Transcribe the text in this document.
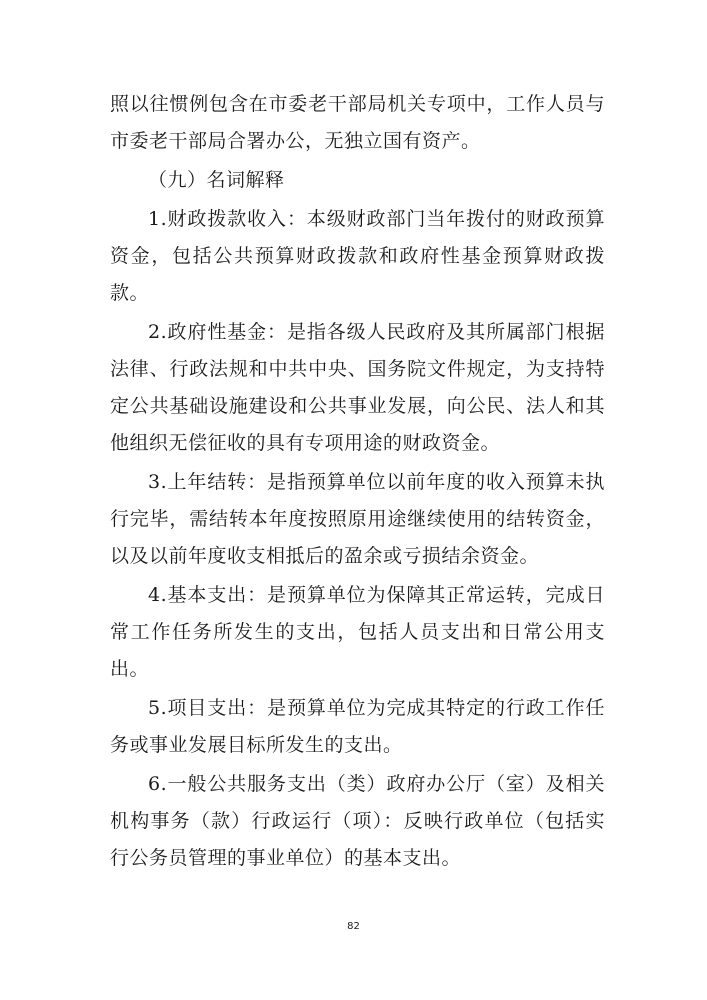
照以往惯例包含在市委老干部局机关专项中，工作人员与市委老干部局合署办公，无独立国有资产。

（九）名词解释

1.财政拨款收入：本级财政部门当年拨付的财政预算资金，包括公共预算财政拨款和政府性基金预算财政拨款。

2.政府性基金：是指各级人民政府及其所属部门根据法律、行政法规和中共中央、国务院文件规定，为支持特定公共基础设施建设和公共事业发展，向公民、法人和其他组织无偿征收的具有专项用途的财政资金。

3.上年结转：是指预算单位以前年度的收入预算未执行完毕，需结转本年度按照原用途继续使用的结转资金，以及以前年度收支相抵后的盈余或亏损结余资金。

4.基本支出：是预算单位为保障其正常运转，完成日常工作任务所发生的支出，包括人员支出和日常公用支出。

5.项目支出：是预算单位为完成其特定的行政工作任务或事业发展目标所发生的支出。

6.一般公共服务支出（类）政府办公厅（室）及相关机构事务（款）行政运行（项）：反映行政单位（包括实行公务员管理的事业单位）的基本支出。

82
